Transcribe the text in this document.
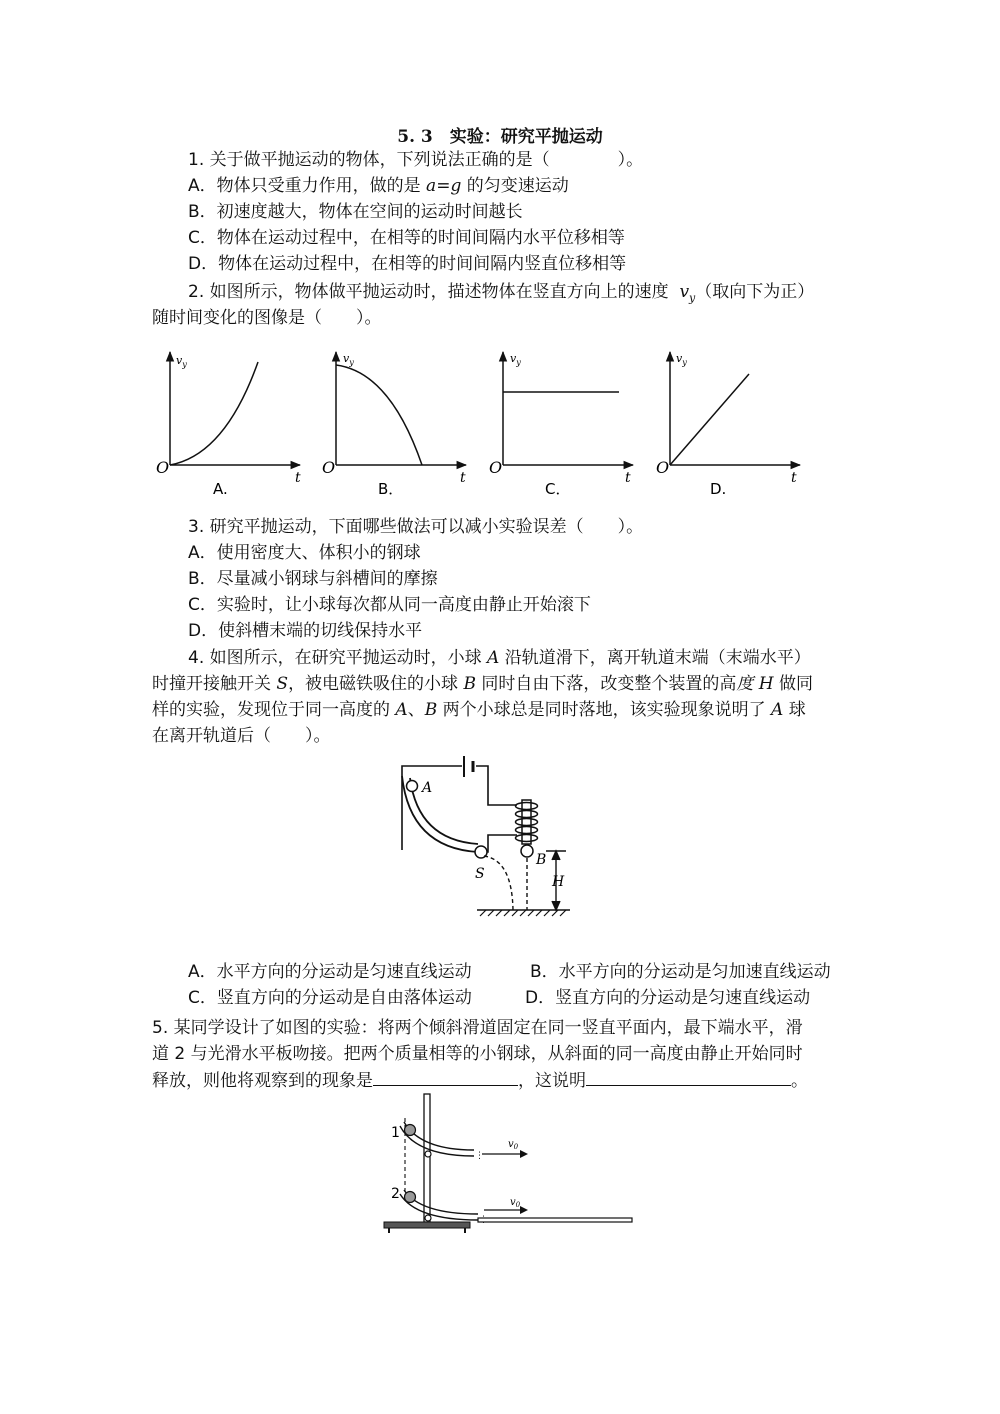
5. 3　实验：研究平抛运动
1. 关于做平抛运动的物体，下列说法正确的是（　　　　）。
A．物体只受重力作用，做的是 a=g 的匀变速运动
B．初速度越大，物体在空间的运动时间越长
C．物体在运动过程中，在相等的时间间隔内水平位移相等
D．物体在运动过程中，在相等的时间间隔内竖直位移相等
2. 如图所示，物体做平抛运动时，描述物体在竖直方向上的速度 $v_y$（取向下为正）
随时间变化的图像是（　　）。
$v_y$
O
t
A.
$v_y$
O
t
B．
$v_y$
O
t
C．
$v_y$
O
t
D.
3. 研究平抛运动，下面哪些做法可以减小实验误差（　　）。
A．使用密度大、体积小的钢球
B．尽量减小钢球与斜槽间的摩擦
C．实验时，让小球每次都从同一高度由静止开始滚下
D．使斜槽末端的切线保持水平
4. 如图所示，在研究平抛运动时，小球 A 沿轨道滑下，离开轨道末端（末端水平）
时撞开接触开关 S，被电磁铁吸住的小球 B 同时自由下落，改变整个装置的高度 H 做同
样的实验，发现位于同一高度的 A、B 两个小球总是同时落地，该实验现象说明了 A 球
在离开轨道后（　　）。
A
S
B
H
A．水平方向的分运动是匀速直线运动	B．水平方向的分运动是匀加速直线运动
C．竖直方向的分运动是自由落体运动	D．竖直方向的分运动是匀速直线运动
5. 某同学设计了如图的实验：将两个倾斜滑道固定在同一竖直平面内，最下端水平，滑
道 2 与光滑水平板吻接。把两个质量相等的小钢球，从斜面的同一高度由静止开始同时
释放，则他将观察到的现象是	，这说明	。
1
⋮
$v_0$
2
$v_0$
